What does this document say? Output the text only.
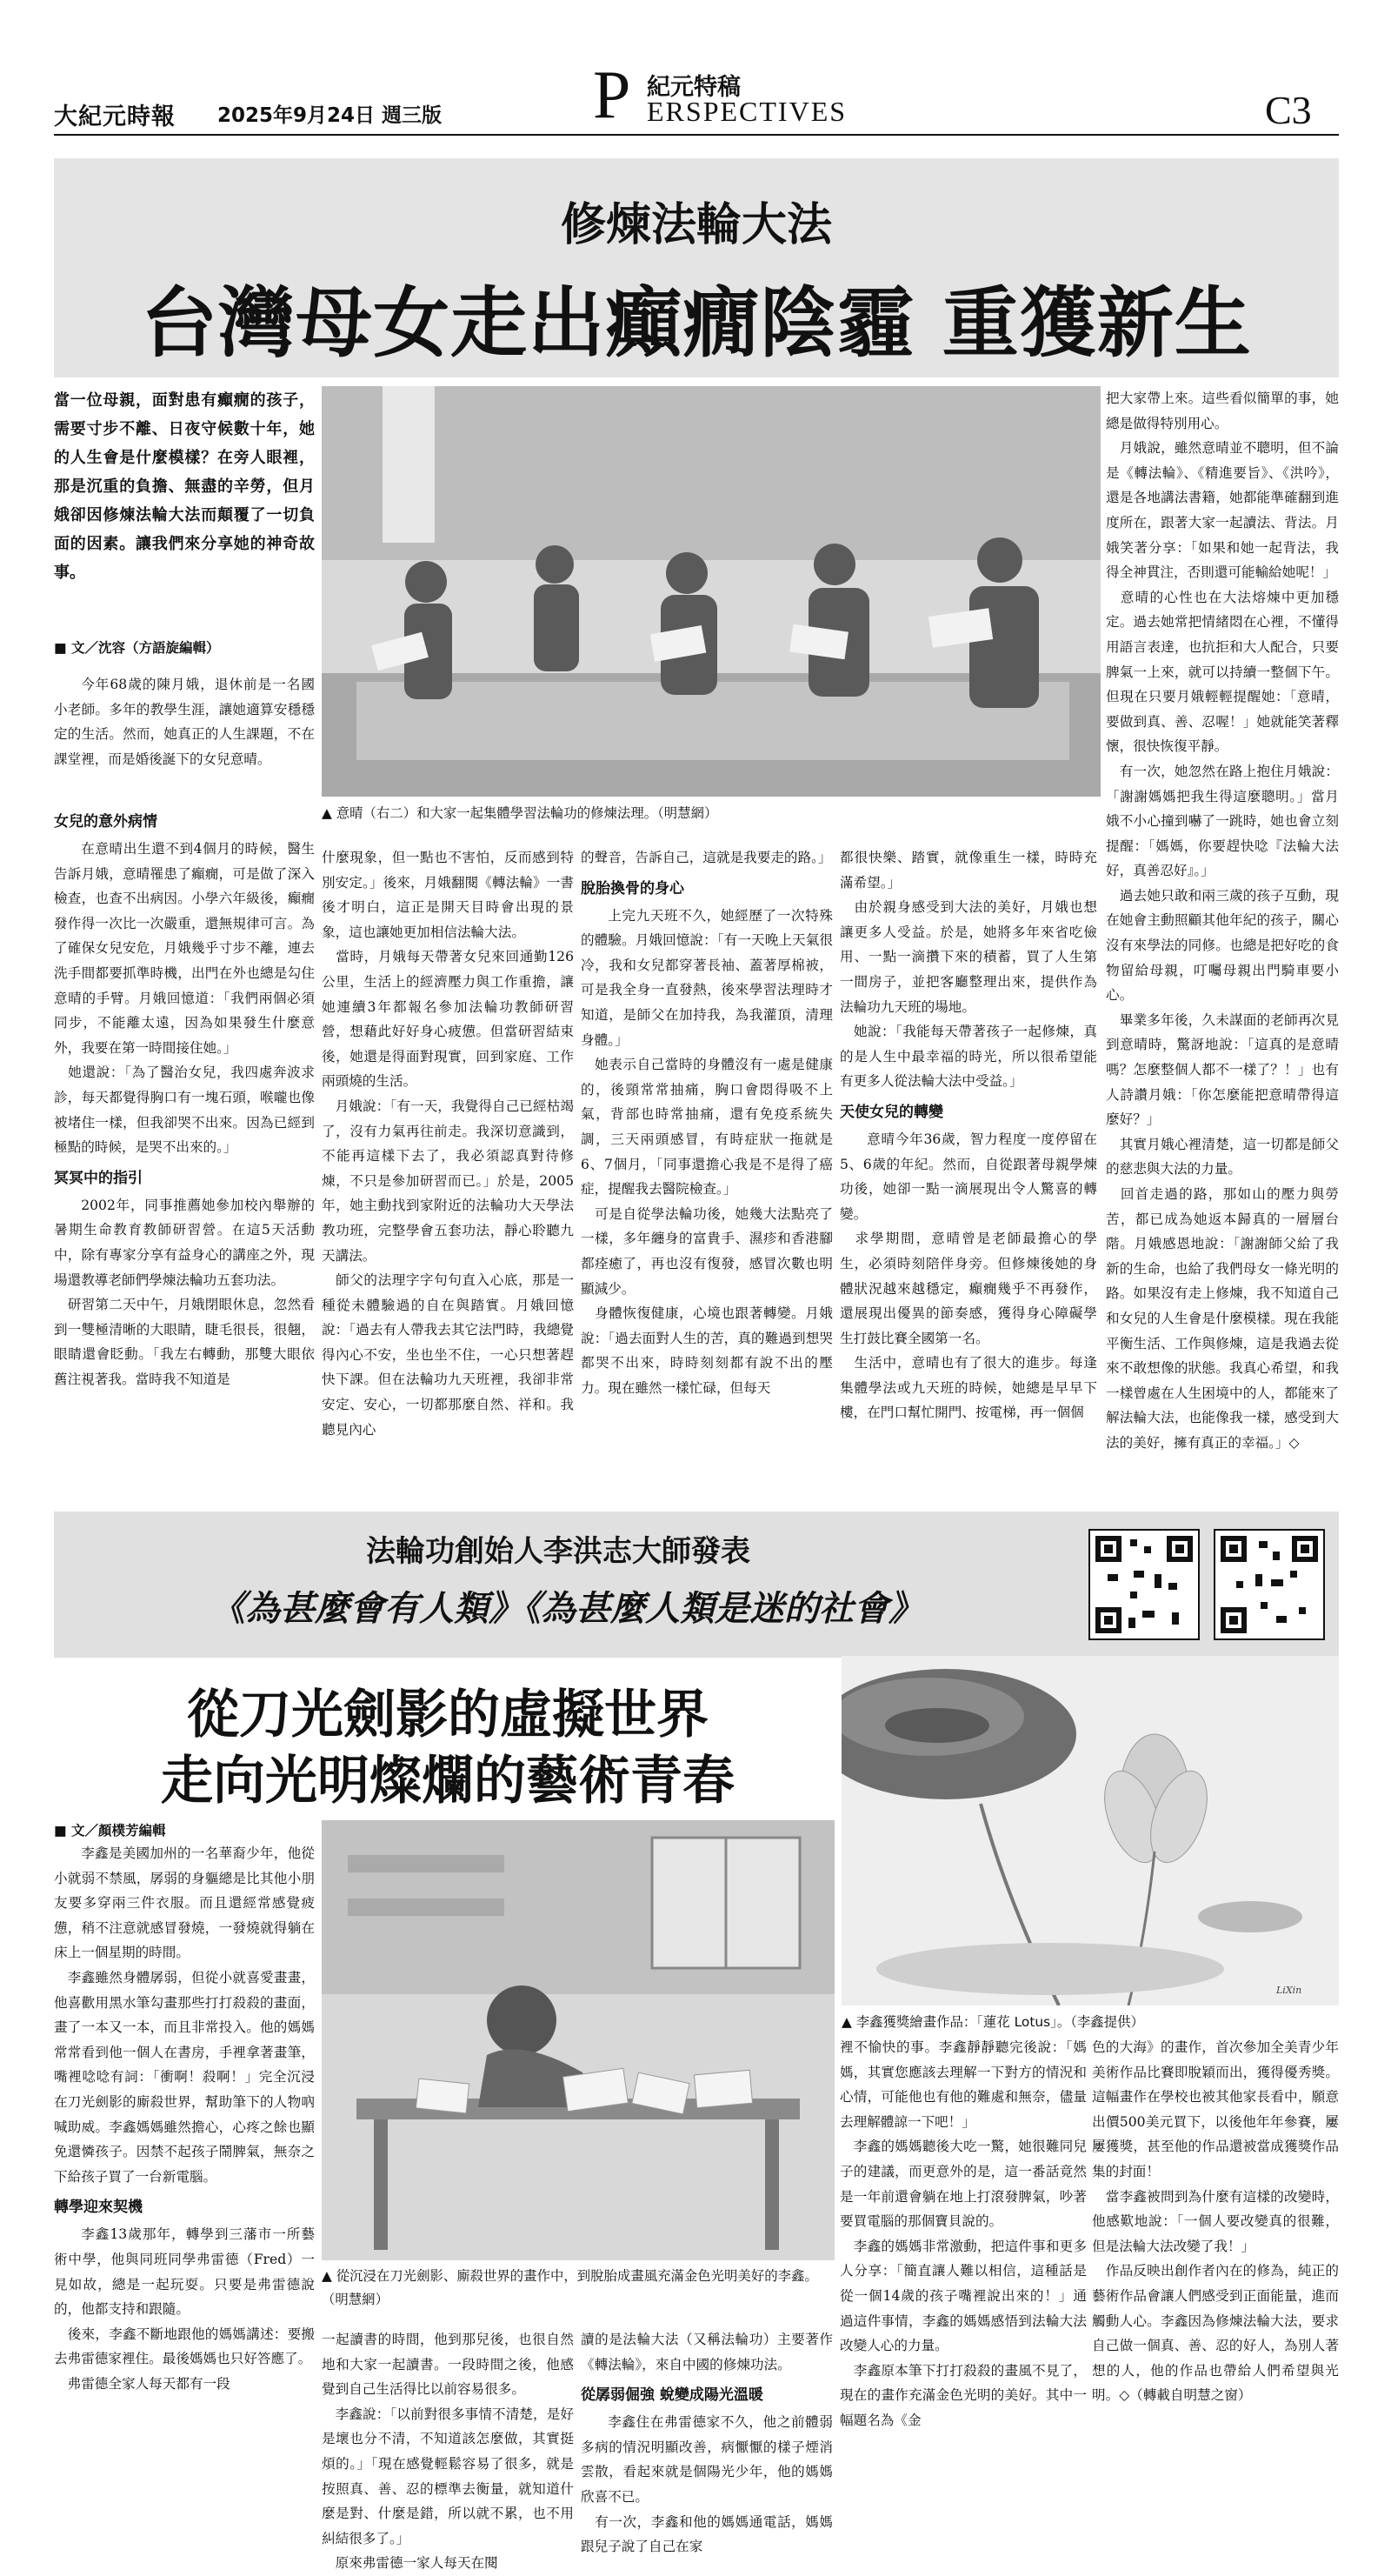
大紀元時報 2025年9月24日 週三版 P 紀元特稿
ERSPECTIVES	C3
修煉法輪大法
台灣母女走出癲癇陰霾 重獲新生

當一位母親，面對患有癲癇的孩子，需要寸步不離、日夜守候數十年，她的人生會是什麼模樣？在旁人眼裡，那是沉重的負擔、無盡的辛勞，但月娥卻因修煉法輪大法而顛覆了一切負面的因素。讓我們來分享她的神奇故事。

■ 文／沈容（方語旋編輯）

今年68歲的陳月娥，退休前是一名國小老師。多年的教學生涯，讓她適算安穩穩定的生活。然而，她真正的人生課題，不在課堂裡，而是婚後誕下的女兒意晴。

▲ 意晴（右二）和大家一起集體學習法輪功的修煉法理。（明慧網）

女兒的意外病情

在意晴出生還不到4個月的時候，醫生告訴月娥，意晴罹患了癲癇，可是做了深入檢查，也查不出病因。小學六年級後，癲癇發作得一次比一次嚴重，還無規律可言。為了確保女兒安危，月娥幾乎寸步不離，連去洗手間都要抓準時機，出門在外也總是勾住意晴的手臂。月娥回憶道：「我們兩個必須同步，不能離太遠，因為如果發生什麼意外，我要在第一時間接住她。」
　她還說：「為了醫治女兒，我四處奔波求診，每天都覺得胸口有一塊石頭，喉嚨也像被堵住一樣，但我卻哭不出來。因為已經到極點的時候，是哭不出來的。」

冥冥中的指引

2002年，同事推薦她參加校內舉辦的暑期生命教育教師研習營。在這5天活動中，除有專家分享有益身心的講座之外，現場還教導老師們學煉法輪功五套功法。
　研習第二天中午，月娥閉眼休息，忽然看到一雙極清晰的大眼睛，睫毛很長，很翹，眼睛還會眨動。「我左右轉動，那雙大眼依舊注視著我。當時我不知道是

什麼現象，但一點也不害怕，反而感到特別安定。」後來，月娥翻閱《轉法輪》一書後才明白，這正是開天目時會出現的景象，這也讓她更加相信法輪大法。
　當時，月娥每天帶著女兒來回通勤126公里，生活上的經濟壓力與工作重擔，讓她連續3年都報名參加法輪功教師研習營，想藉此好好身心疲憊。但當研習結束後，她還是得面對現實，回到家庭、工作兩頭燒的生活。
　月娥說：「有一天，我覺得自己已經枯竭了，沒有力氣再往前走。我深切意識到，不能再這樣下去了，我必須認真對待修煉，不只是參加研習而已。」於是，2005年，她主動找到家附近的法輪功大天學法教功班，完整學會五套功法，靜心聆聽九天講法。
　師父的法理字字句句直入心底，那是一種從未體驗過的自在與踏實。月娥回憶說：「過去有人帶我去其它法門時，我總覺得內心不安，坐也坐不住，一心只想著趕快下課。但在法輪功九天班裡，我卻非常安定、安心，一切都那麼自然、祥和。我聽見內心

的聲音，告訴自己，這就是我要走的路。」

脫胎換骨的身心

上完九天班不久，她經歷了一次特殊的體驗。月娥回憶說：「有一天晚上天氣很冷，我和女兒都穿著長袖、蓋著厚棉被，可是我全身一直發熱，後來學習法理時才知道，是師父在加持我，為我灌頂，清理身體。」
　她表示自己當時的身體沒有一處是健康的，後頸常常抽痛，胸口會悶得吸不上氣，背部也時常抽痛，還有免疫系統失調，三天兩頭感冒，有時症狀一拖就是6、7個月，「同事還擔心我是不是得了癌症，提醒我去醫院檢查。」
　可是自從學法輪功後，她幾大法點亮了一樣，多年纏身的富貴手、濕疹和香港腳都痊癒了，再也沒有復發，感冒次數也明顯減少。
　身體恢復健康，心境也跟著轉變。月娥說：「過去面對人生的苦，真的難過到想哭都哭不出來，時時刻刻都有說不出的壓力。現在雖然一樣忙碌，但每天

都很快樂、踏實，就像重生一樣，時時充滿希望。」
　由於親身感受到大法的美好，月娥也想讓更多人受益。於是，她將多年來省吃儉用、一點一滴攢下來的積蓄，買了人生第一間房子，並把客廳整理出來，提供作為法輪功九天班的場地。
　她說：「我能每天帶著孩子一起修煉，真的是人生中最幸福的時光，所以很希望能有更多人從法輪大法中受益。」

天使女兒的轉變

意晴今年36歲，智力程度一度停留在5、6歲的年紀。然而，自從跟著母親學煉功後，她卻一點一滴展現出令人驚喜的轉變。
　求學期間，意晴曾是老師最擔心的學生，必須時刻陪伴身旁。但修煉後她的身體狀況越來越穩定，癲癇幾乎不再發作，還展現出優異的節奏感，獲得身心障礙學生打鼓比賽全國第一名。
　生活中，意晴也有了很大的進步。每逢集體學法或九天班的時候，她總是早早下樓，在門口幫忙開門、按電梯，再一個個

把大家帶上來。這些看似簡單的事，她總是做得特別用心。
　月娥說，雖然意晴並不聰明，但不論是《轉法輪》、《精進要旨》、《洪吟》，還是各地講法書籍，她都能準確翻到進度所在，跟著大家一起讀法、背法。月娥笑著分享：「如果和她一起背法，我得全神貫注，否則還可能輸給她呢！」
　意晴的心性也在大法熔煉中更加穩定。過去她常把情緒悶在心裡，不懂得用語言表達，也抗拒和大人配合，只要脾氣一上來，就可以持續一整個下午。但現在只要月娥輕輕提醒她：「意晴，要做到真、善、忍喔！」她就能笑著釋懷，很快恢復平靜。
　有一次，她忽然在路上抱住月娥說：「謝謝媽媽把我生得這麼聰明。」當月娥不小心撞到嚇了一跳時，她也會立刻提醒：「媽媽，你要趕快唸『法輪大法好，真善忍好』。」
　過去她只敢和兩三歲的孩子互動，現在她會主動照顧其他年紀的孩子，關心沒有來學法的同修。也總是把好吃的食物留給母親，叮囑母親出門騎車要小心。
　畢業多年後，久未謀面的老師再次見到意晴時，驚訝地說：「這真的是意晴嗎？怎麼整個人都不一樣了？！」也有人詩讚月娥：「你怎麼能把意晴帶得這麼好？」
　其實月娥心裡清楚，這一切都是師父的慈悲與大法的力量。
　回首走過的路，那如山的壓力與勞苦，都已成為她返本歸真的一層層台階。月娥感恩地說：「謝謝師父給了我新的生命，也給了我們母女一條光明的路。如果沒有走上修煉，我不知道自己和女兒的人生會是什麼模樣。現在我能平衡生活、工作與修煉，這是我過去從來不敢想像的狀態。我真心希望，和我一樣曾處在人生困境中的人，都能來了解法輪大法，也能像我一樣，感受到大法的美好，擁有真正的幸福。」◇

法輪功創始人李洪志大師發表
《為甚麼會有人類》《為甚麼人類是迷的社會》
從刀光劍影的虛擬世界
走向光明燦爛的藝術青春
LiXin

▲ 李鑫獲獎繪畫作品：「蓮花 Lotus」。（李鑫提供）

■ 文／顏樸芳編輯

李鑫是美國加州的一名華裔少年，他從小就弱不禁風，孱弱的身軀總是比其他小朋友要多穿兩三件衣服。而且還經常感覺疲憊，稍不注意就感冒發燒，一發燒就得躺在床上一個星期的時間。
　李鑫雖然身體孱弱，但從小就喜愛畫畫，他喜歡用黑水筆勾畫那些打打殺殺的畫面，畫了一本又一本，而且非常投入。他的媽媽常常看到他一個人在書房，手裡拿著畫筆，嘴裡唸唸有詞：「衝啊！殺啊！」完全沉浸在刀光劍影的廝殺世界，幫助筆下的人物吶喊助威。李鑫媽媽雖然擔心，心疼之餘也顯免還憐孩子。因禁不起孩子鬧脾氣，無奈之下給孩子買了一台新電腦。

轉學迎來契機

李鑫13歲那年，轉學到三藩市一所藝術中學，他與同班同學弗雷德（Fred）一見如故，總是一起玩耍。只要是弗雷德說的，他都支持和跟隨。
　後來，李鑫不斷地跟他的媽媽講述：要搬去弗雷德家裡住。最後媽媽也只好答應了。
　弗雷德全家人每天都有一段

▲ 從沉浸在刀光劍影、廝殺世界的畫作中，到脫胎成畫風充滿金色光明美好的李鑫。（明慧網）

一起讀書的時間，他到那兒後，也很自然地和大家一起讀書。一段時間之後，他感覺到自己生活得比以前容易很多。
　李鑫說：「以前對很多事情不清楚，是好是壞也分不清，不知道該怎麼做，其實挺煩的。」「現在感覺輕鬆容易了很多，就是按照真、善、忍的標準去衡量，就知道什麼是對、什麼是錯，所以就不累，也不用糾結很多了。」
　原來弗雷德一家人每天在閱

讀的是法輪大法（又稱法輪功）主要著作《轉法輪》，來自中國的修煉功法。

從孱弱倔強 蛻變成陽光溫暖

李鑫住在弗雷德家不久，他之前體弱多病的情況明顯改善，病懨懨的樣子煙消雲散，看起來就是個陽光少年，他的媽媽欣喜不已。
　有一次，李鑫和他的媽媽通電話，媽媽跟兒子說了自己在家

裡不愉快的事。李鑫靜靜聽完後說：「媽媽，其實您應該去理解一下對方的情況和心情，可能他也有他的難處和無奈，儘量去理解體諒一下吧！」
　李鑫的媽媽聽後大吃一驚，她很難同兒子的建議，而更意外的是，這一番話竟然是一年前還會躺在地上打滾發脾氣，吵著要買電腦的那個寶貝說的。
　李鑫的媽媽非常激動，把這件事和更多人分享：「簡直讓人難以相信，這種話是從一個14歲的孩子嘴裡說出來的！」通過這件事情，李鑫的媽媽感悟到法輪大法改變人心的力量。
　李鑫原本筆下打打殺殺的畫風不見了，現在的畫作充滿金色光明的美好。其中一幅題名為《金

色的大海》的畫作，首次參加全美青少年美術作品比賽即脫穎而出，獲得優秀獎。這幅畫作在學校也被其他家長看中，願意出價500美元買下，以後他年年參賽，屢屢獲獎，甚至他的作品還被當成獲獎作品集的封面！
　當李鑫被問到為什麼有這樣的改變時，他感歎地說：「一個人要改變真的很難，但是法輪大法改變了我！」
　作品反映出創作者內在的修為，純正的藝術作品會讓人們感受到正面能量，進而觸動人心。李鑫因為修煉法輪大法，要求自己做一個真、善、忍的好人，為別人著想的人，他的作品也帶給人們希望與光明。◇（轉載自明慧之窗）
